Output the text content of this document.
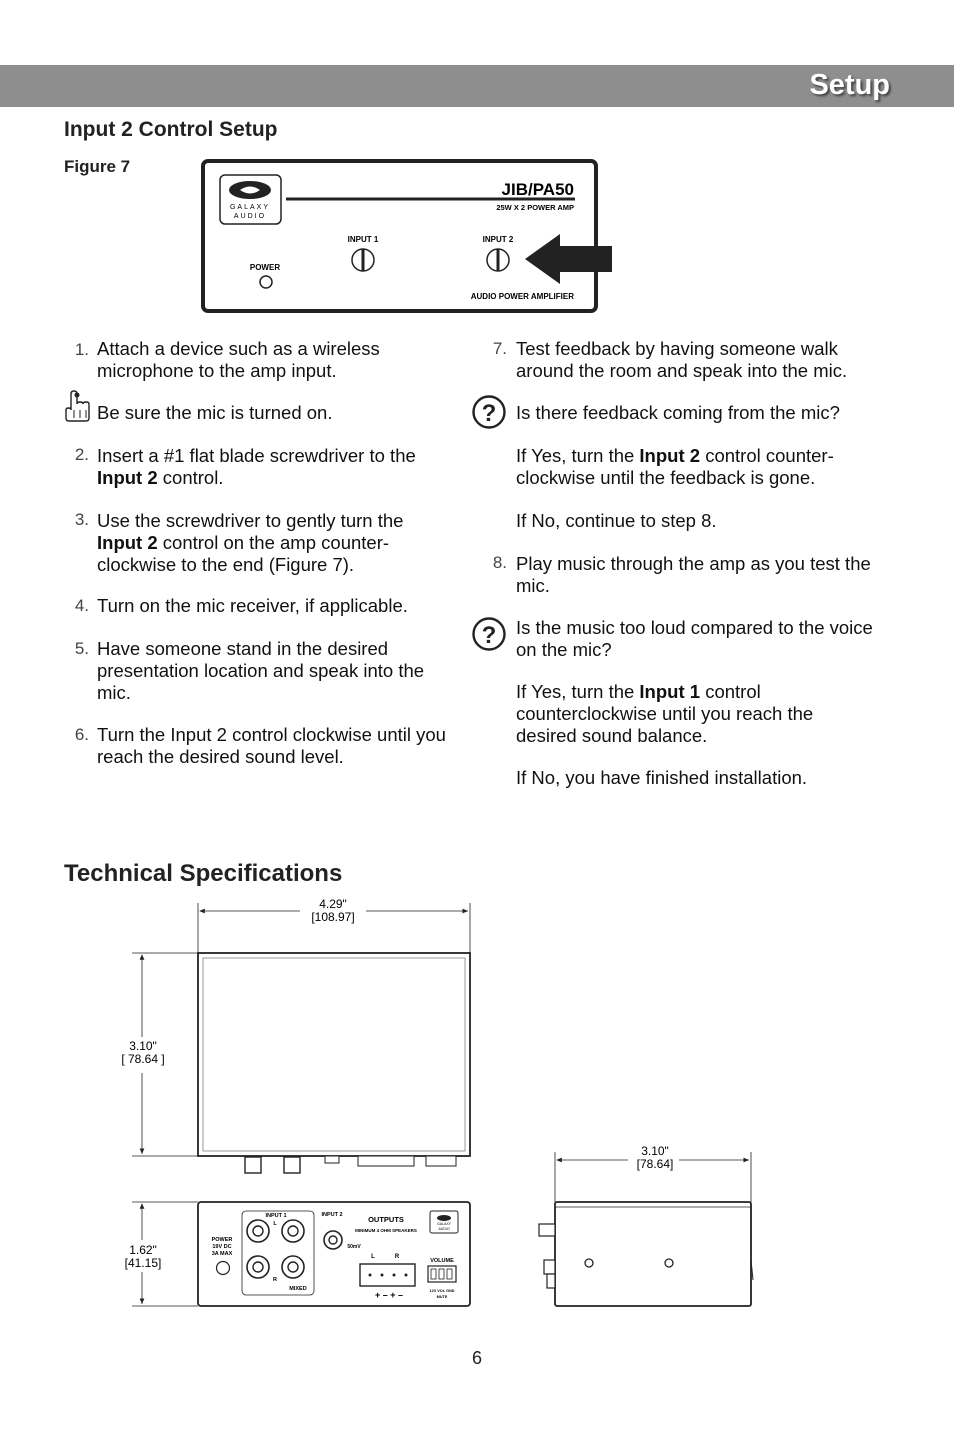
Setup
Input 2 Control Setup
Figure 7
GALAXY
AUDIO
JIB/PA50
25W X 2 POWER AMP
INPUT 1	INPUT 2
POWER
AUDIO POWER AMPLIFIER
1. Attach a device such as a wireless microphone to the amp input.
Be sure the mic is turned on.
2. Insert a #1 flat blade screwdriver to the Input 2 control.
3. Use the screwdriver to gently turn the Input 2 control on the amp counter-clockwise to the end (Figure 7).
4. Turn on the mic receiver, if applicable.
5. Have someone stand in the desired presentation location and speak into the mic.
6. Turn the Input 2 control clockwise until you reach the desired sound level.
7. Test feedback by having someone walk around the room and speak into the mic.
? Is there feedback coming from the mic?
If Yes, turn the Input 2 control counter-clockwise until the feedback is gone.
If No, continue to step 8.
8. Play music through the amp as you test the mic.
? Is the music too loud compared to the voice on the mic?
If Yes, turn the Input 1 control counterclockwise until you reach the desired sound balance.
If No, you have finished installation.
Technical Specifications
4.29"
[108.97]
3.10"
[ 78.64 ]
1.62"
[41.15]
POWER
19V DC
3A MAX
INPUT 1
L
R
MIXED
INPUT 2
50mV
OUTPUTS
MINIMUM 4 OHM SPEAKERS
L	R
+ – + –
GALAXY
AUDIO
VOLUME
12V VOL GND
MUTE
3.10"
[78.64]
6
